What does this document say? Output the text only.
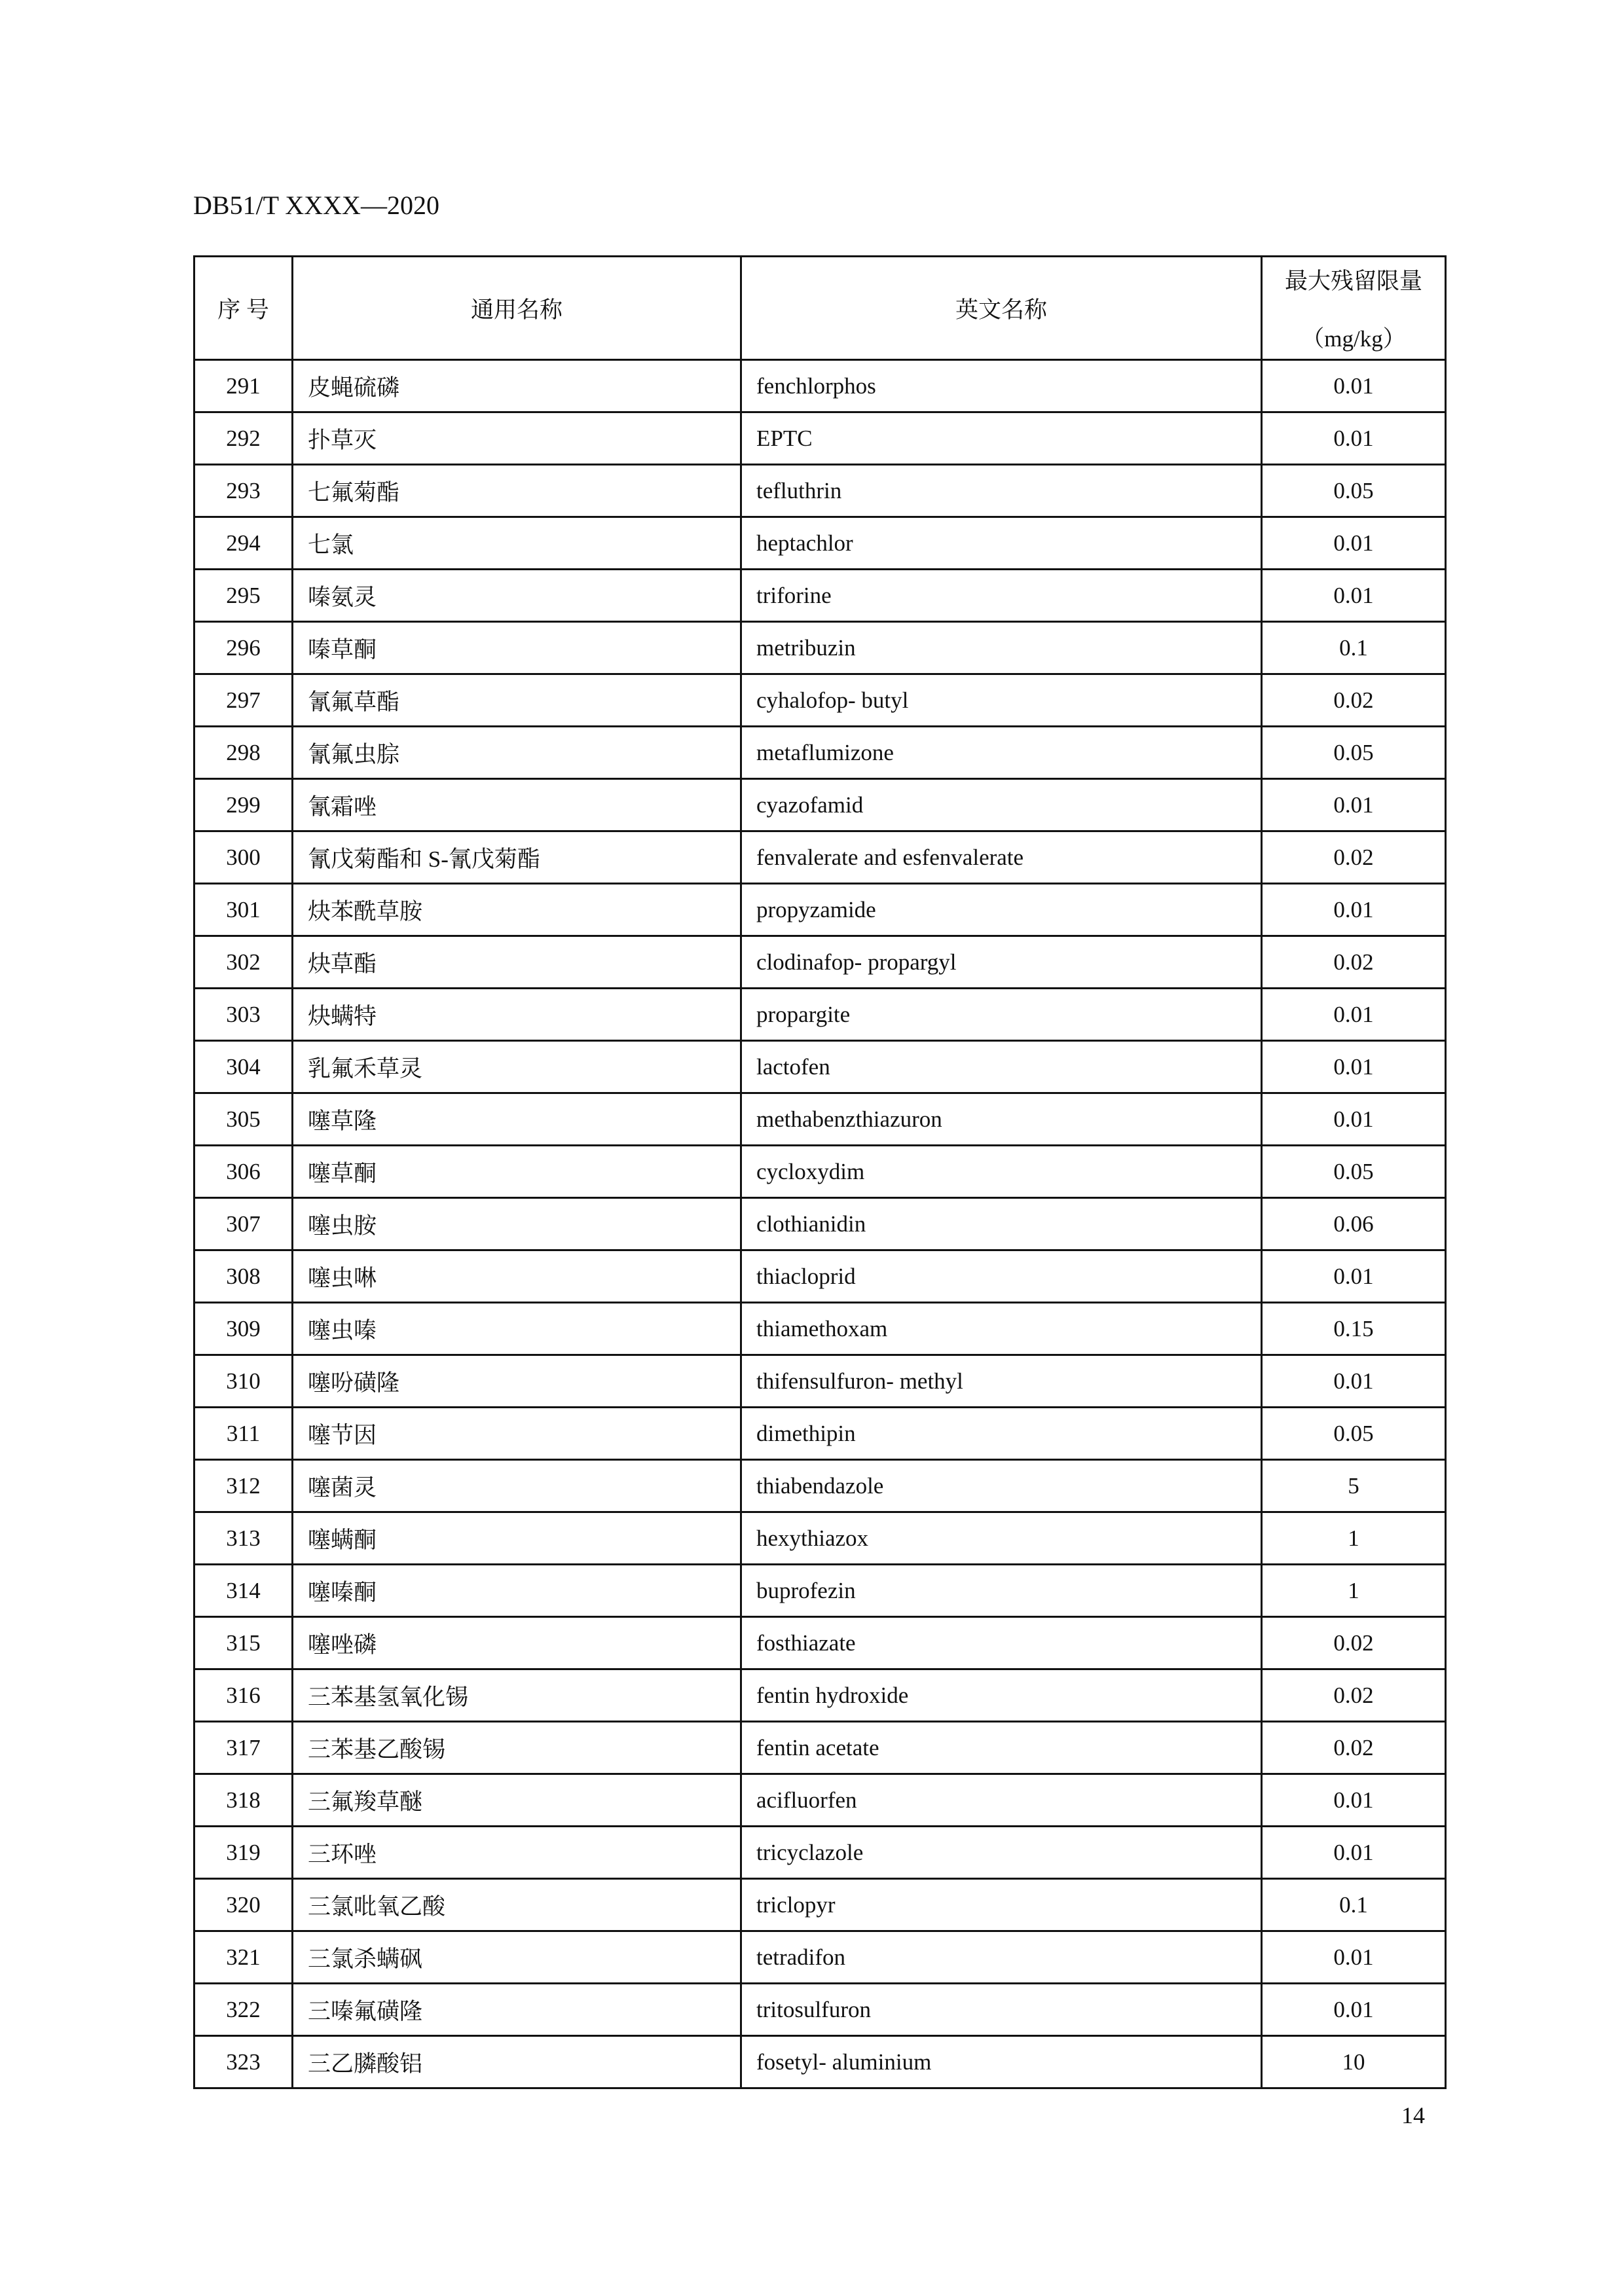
DB51/T XXXX—2020
序 号	通用名称	英文名称	最大残留限量
（mg/kg）
291	皮蝇硫磷	fenchlorphos	0.01
292	扑草灭	EPTC	0.01
293	七氟菊酯	tefluthrin	0.05
294	七氯	heptachlor	0.01
295	嗪氨灵	triforine	0.01
296	嗪草酮	metribuzin	0.1
297	氰氟草酯	cyhalofop- butyl	0.02
298	氰氟虫腙	metaflumizone	0.05
299	氰霜唑	cyazofamid	0.01
300	氰戊菊酯和 S-氰戊菊酯	fenvalerate and esfenvalerate	0.02
301	炔苯酰草胺	propyzamide	0.01
302	炔草酯	clodinafop- propargyl	0.02
303	炔螨特	propargite	0.01
304	乳氟禾草灵	lactofen	0.01
305	噻草隆	methabenzthiazuron	0.01
306	噻草酮	cycloxydim	0.05
307	噻虫胺	clothianidin	0.06
308	噻虫啉	thiacloprid	0.01
309	噻虫嗪	thiamethoxam	0.15
310	噻吩磺隆	thifensulfuron- methyl	0.01
311	噻节因	dimethipin	0.05
312	噻菌灵	thiabendazole	5
313	噻螨酮	hexythiazox	1
314	噻嗪酮	buprofezin	1
315	噻唑磷	fosthiazate	0.02
316	三苯基氢氧化锡	fentin hydroxide	0.02
317	三苯基乙酸锡	fentin acetate	0.02
318	三氟羧草醚	acifluorfen	0.01
319	三环唑	tricyclazole	0.01
320	三氯吡氧乙酸	triclopyr	0.1
321	三氯杀螨砜	tetradifon	0.01
322	三嗪氟磺隆	tritosulfuron	0.01
323	三乙膦酸铝	fosetyl- aluminium	10
14
